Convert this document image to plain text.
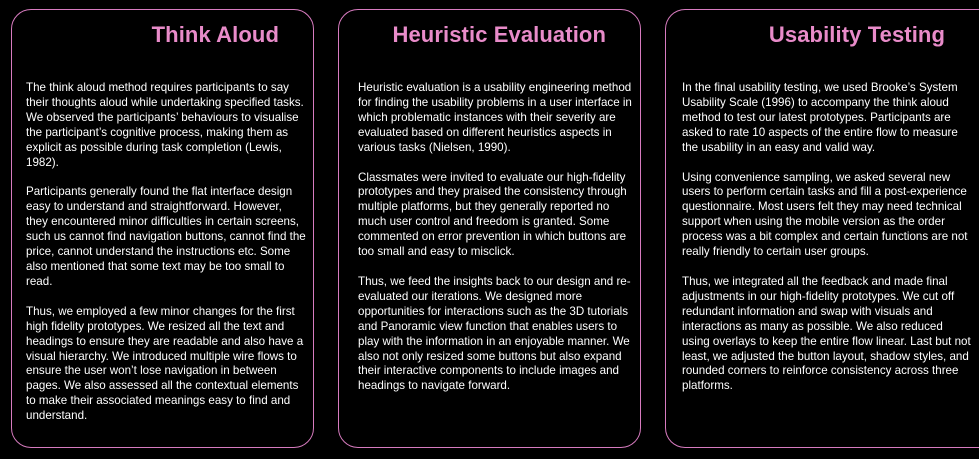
Think Aloud

The think aloud method requires participants to say their thoughts aloud while undertaking specified tasks. We observed the participants’ behaviours to visualise the participant’s cognitive process, making them as explicit as possible during task completion (Lewis, 1982).

Participants generally found the flat interface design easy to understand and straightforward. However, they encountered minor difficulties in certain screens, such us cannot find navigation buttons, cannot find the price, cannot understand the instructions etc. Some also mentioned that some text may be too small to read.

Thus, we employed a few minor changes for the first high fidelity prototypes. We resized all the text and headings to ensure they are readable and also have a visual hierarchy. We introduced multiple wire flows to ensure the user won’t lose navigation in between pages. We also assessed all the contextual elements to make their associated meanings easy to find and understand.

Heuristic Evaluation

Heuristic evaluation is a usability engineering method for finding the usability problems in a user interface in which problematic instances with their severity are evaluated based on different heuristics aspects in various tasks (Nielsen, 1990).

Classmates were invited to evaluate our high-fidelity prototypes and they praised the consistency through multiple platforms, but they generally reported no much user control and freedom is granted. Some commented on error prevention in which buttons are too small and easy to misclick.

Thus, we feed the insights back to our design and re-evaluated our iterations. We designed more opportunities for interactions such as the 3D tutorials and Panoramic view function that enables users to play with the information in an enjoyable manner. We also not only resized some buttons but also expand their interactive components to include images and headings to navigate forward.

Usability Testing

In the final usability testing, we used Brooke’s System Usability Scale (1996) to accompany the think aloud method to test our latest prototypes. Participants are asked to rate 10 aspects of the entire flow to measure the usability in an easy and valid way.

Using convenience sampling, we asked several new users to perform certain tasks and fill a post-experience questionnaire. Most users felt they may need technical support when using the mobile version as the order process was a bit complex and certain functions are not really friendly to certain user groups.

Thus, we integrated all the feedback and made final adjustments in our high-fidelity prototypes. We cut off redundant information and swap with visuals and interactions as many as possible. We also reduced using overlays to keep the entire flow linear. Last but not least, we adjusted the button layout, shadow styles, and rounded corners to reinforce consistency across three platforms.
